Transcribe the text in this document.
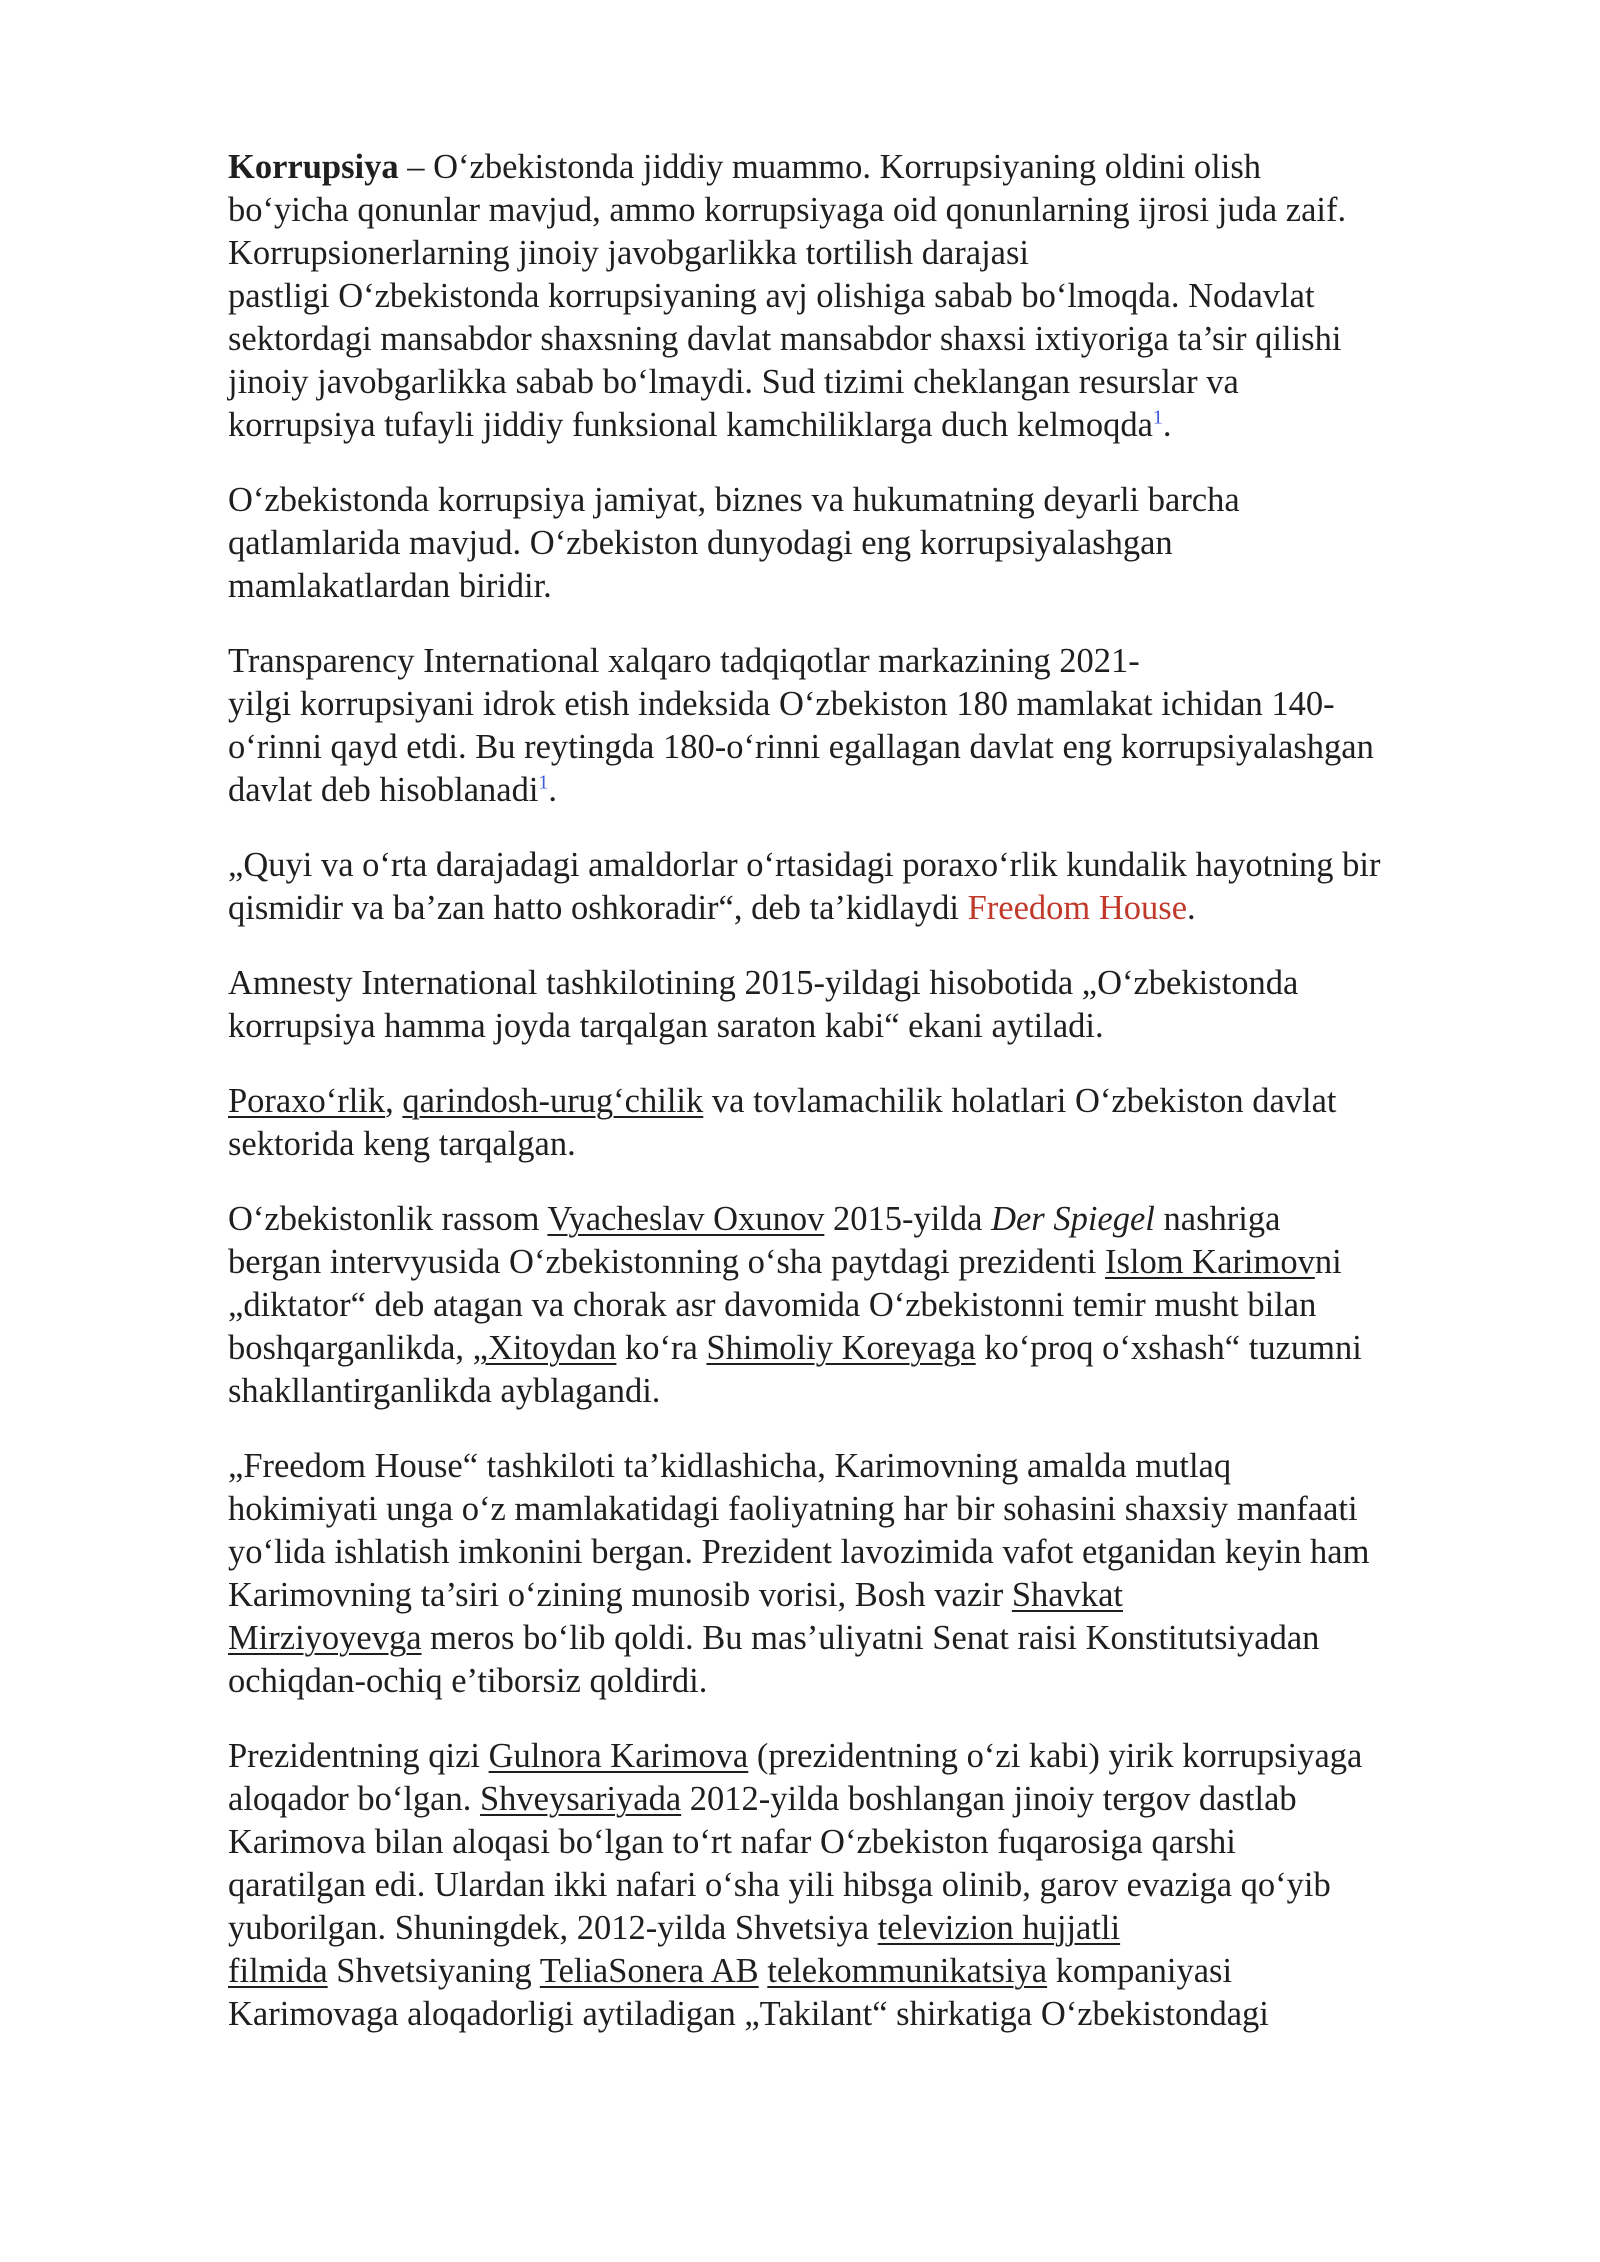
Korrupsiya – O‘zbekistonda jiddiy muammo. Korrupsiyaning oldini olish
bo‘yicha qonunlar mavjud, ammo korrupsiyaga oid qonunlarning ijrosi juda zaif.
Korrupsionerlarning jinoiy javobgarlikka tortilish darajasi
pastligi O‘zbekistonda korrupsiyaning avj olishiga sabab bo‘lmoqda. Nodavlat
sektordagi mansabdor shaxsning davlat mansabdor shaxsi ixtiyoriga ta’sir qilishi
jinoiy javobgarlikka sabab bo‘lmaydi. Sud tizimi cheklangan resurslar va
korrupsiya tufayli jiddiy funksional kamchiliklarga duch kelmoqda$^1$.

O‘zbekistonda korrupsiya jamiyat, biznes va hukumatning deyarli barcha
qatlamlarida mavjud. O‘zbekiston dunyodagi eng korrupsiyalashgan
mamlakatlardan biridir.

Transparency International xalqaro tadqiqotlar markazining 2021-
yilgi korrupsiyani idrok etish indeksida O‘zbekiston 180 mamlakat ichidan 140-
o‘rinni qayd etdi. Bu reytingda 180-o‘rinni egallagan davlat eng korrupsiyalashgan
davlat deb hisoblanadi$^1$.

„Quyi va o‘rta darajadagi amaldorlar o‘rtasidagi poraxo‘rlik kundalik hayotning bir
qismidir va ba’zan hatto oshkoradir“, deb ta’kidlaydi Freedom House.

Amnesty International tashkilotining 2015-yildagi hisobotida „O‘zbekistonda
korrupsiya hamma joyda tarqalgan saraton kabi“ ekani aytiladi.

Poraxo‘rlik, qarindosh-urug‘chilik va tovlamachilik holatlari O‘zbekiston davlat
sektorida keng tarqalgan.

O‘zbekistonlik rassom Vyacheslav Oxunov 2015-yilda Der Spiegel nashriga
bergan intervyusida O‘zbekistonning o‘sha paytdagi prezidenti Islom Karimovni
„diktator“ deb atagan va chorak asr davomida O‘zbekistonni temir musht bilan
boshqarganlikda, „Xitoydan ko‘ra Shimoliy Koreyaga ko‘proq o‘xshash“ tuzumni
shakllantirganlikda ayblagandi.

„Freedom House“ tashkiloti ta’kidlashicha, Karimovning amalda mutlaq
hokimiyati unga o‘z mamlakatidagi faoliyatning har bir sohasini shaxsiy manfaati
yo‘lida ishlatish imkonini bergan. Prezident lavozimida vafot etganidan keyin ham
Karimovning ta’siri o‘zining munosib vorisi, Bosh vazir Shavkat
Mirziyoyevga meros bo‘lib qoldi. Bu mas’uliyatni Senat raisi Konstitutsiyadan
ochiqdan-ochiq e’tiborsiz qoldirdi.

Prezidentning qizi Gulnora Karimova (prezidentning o‘zi kabi) yirik korrupsiyaga
aloqador bo‘lgan. Shveysariyada 2012-yilda boshlangan jinoiy tergov dastlab
Karimova bilan aloqasi bo‘lgan to‘rt nafar O‘zbekiston fuqarosiga qarshi
qaratilgan edi. Ulardan ikki nafari o‘sha yili hibsga olinib, garov evaziga qo‘yib
yuborilgan. Shuningdek, 2012-yilda Shvetsiya televizion hujjatli
filmida Shvetsiyaning TeliaSonera AB telekommunikatsiya kompaniyasi
Karimovaga aloqadorligi aytiladigan „Takilant“ shirkatiga O‘zbekistondagi
